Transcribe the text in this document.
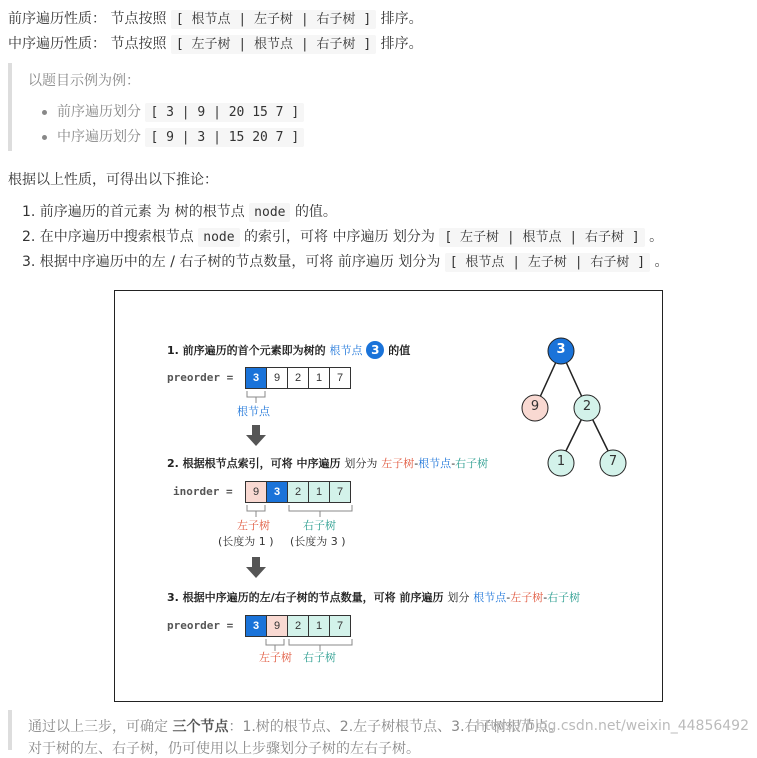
前序遍历性质： 节点按照 [ 根节点 | 左子树 | 右子树 ] 排序。
中序遍历性质： 节点按照 [ 左子树 | 根节点 | 右子树 ] 排序。
以题目示例为例：
前序遍历划分 [ 3 | 9 | 20 15 7 ]
中序遍历划分 [ 9 | 3 | 15 20 7 ]
根据以上性质，可得出以下推论：
1. 前序遍历的首元素 为 树的根节点 node 的值。
2. 在中序遍历中搜索根节点 node 的索引，可将 中序遍历 划分为 [ 左子树 | 根节点 | 右子树 ] 。
3. 根据中序遍历中的左 / 右子树的节点数量，可将 前序遍历 划分为 [ 根节点 | 左子树 | 右子树 ] 。
1. 前序遍历的首个元素即为树的 根节点 3 的值
preorder =	3	9	2	1	7
3
9	2
1	7
根节点
2. 根据根节点索引，可将 中序遍历 划分为 左子树-根节点-右子树
inorder =	9	3	2	1	7
左子树	右子树
(长度为 1 ) (长度为 3 )
3. 根据中序遍历的左/右子树的节点数量，可将 前序遍历 划分 根节点-左子树-右子树
preorder =	3	9	2	1	7
左子树 右子树
通过以上三步，可确定 三个节点：1.树的根节点、2.左子树根节点、3.右子树根节点。
对于树的左、右子树，仍可使用以上步骤划分子树的左右子树。
https://blog.csdn.net/weixin_44856492
